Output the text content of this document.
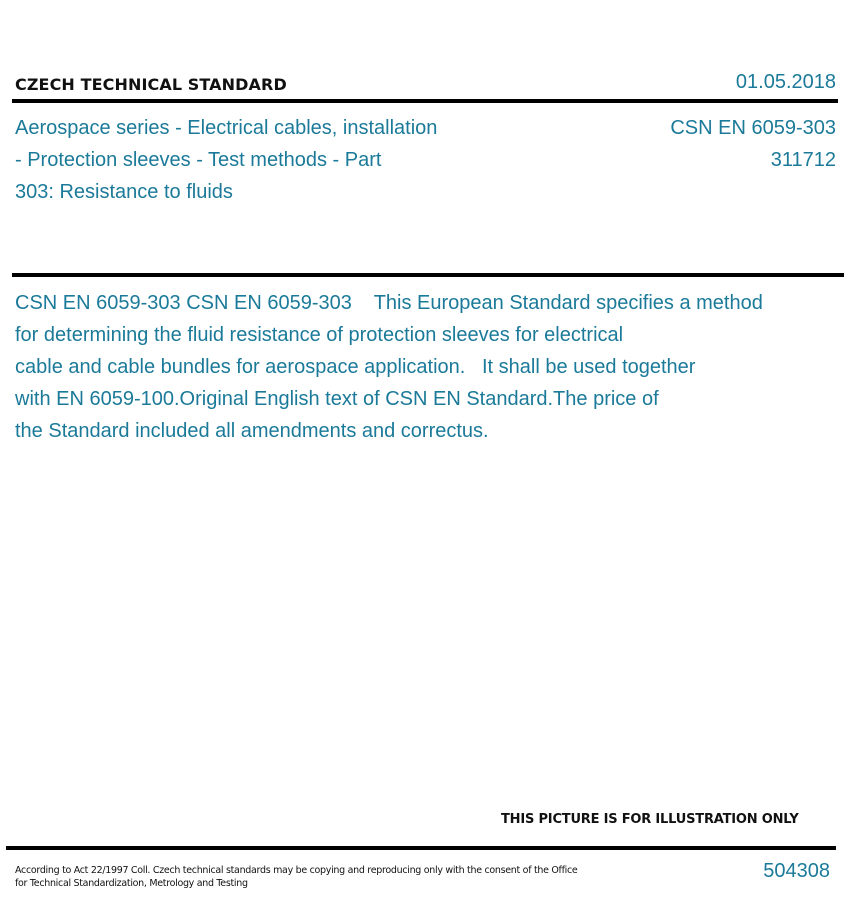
CZECH TECHNICAL STANDARD	01.05.2018
Aerospace series - Electrical cables, installation
- Protection sleeves - Test methods - Part
303: Resistance to fluids
CSN EN 6059-303
311712
CSN EN 6059-303 CSN EN 6059-303    This European Standard specifies a method
for determining the fluid resistance of protection sleeves for electrical
cable and cable bundles for aerospace application.   It shall be used together
with EN 6059-100.Original English text of CSN EN Standard.The price of
the Standard included all amendments and correctus.
THIS PICTURE IS FOR ILLUSTRATION ONLY
According to Act 22/1997 Coll. Czech technical standards may be copying and reproducing only with the consent of the Office
for Technical Standardization, Metrology and Testing
504308
